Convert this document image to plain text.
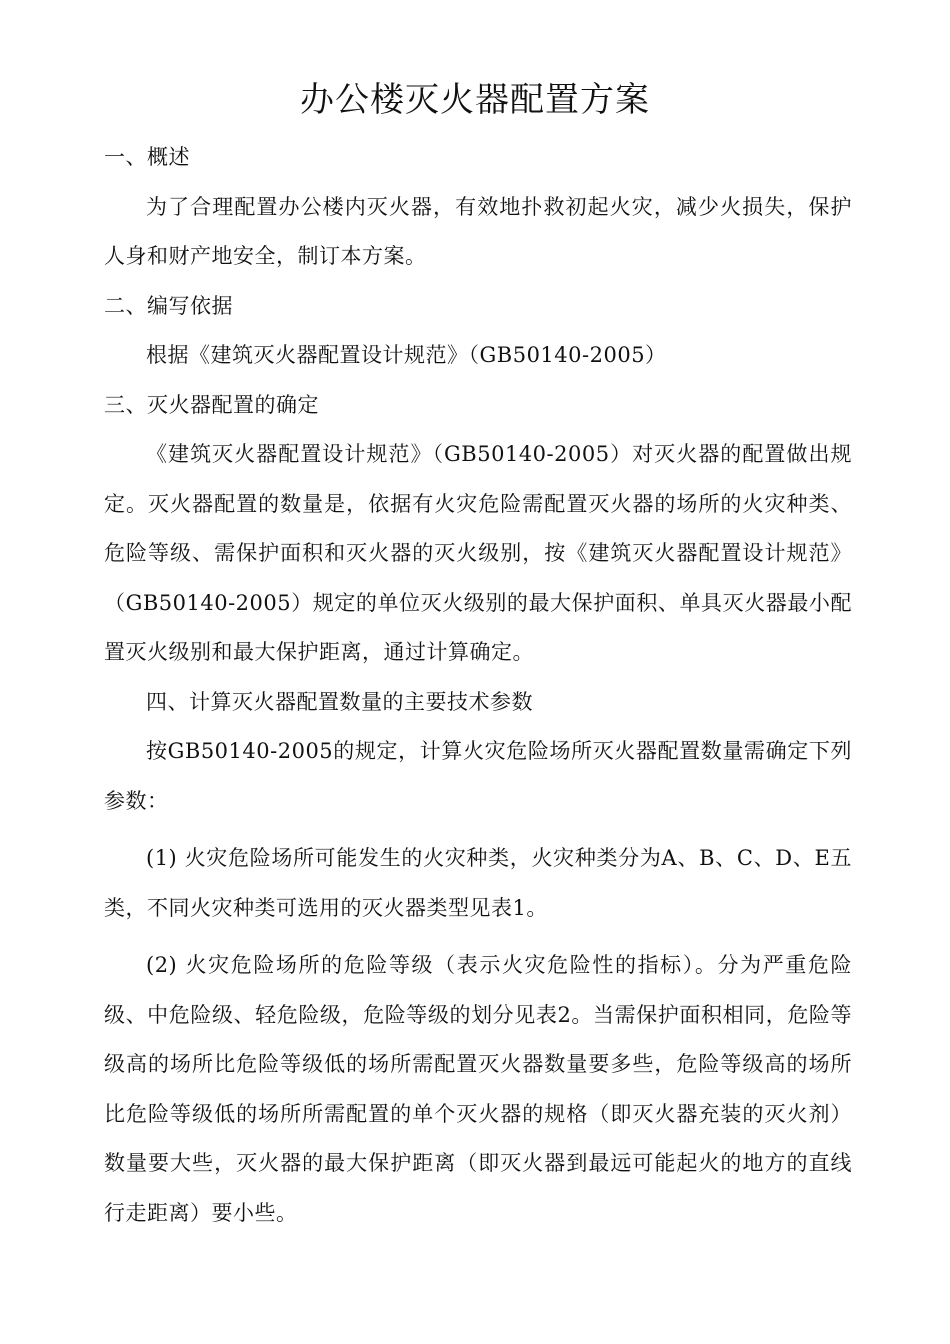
办公楼灭火器配置方案

一、概述

为了合理配置办公楼内灭火器，有效地扑救初起火灾，减少火损失，保护人身和财产地安全，制订本方案。

二、编写依据

根据《建筑灭火器配置设计规范》（GB50140-2005）

三、灭火器配置的确定

《建筑灭火器配置设计规范》（GB50140-2005）对灭火器的配置做出规定。灭火器配置的数量是，依据有火灾危险需配置灭火器的场所的火灾种类、危险等级、需保护面积和灭火器的灭火级别，按《建筑灭火器配置设计规范》（GB50140-2005）规定的单位灭火级别的最大保护面积、单具灭火器最小配置灭火级别和最大保护距离，通过计算确定。

四、计算灭火器配置数量的主要技术参数

按GB50140-2005的规定，计算火灾危险场所灭火器配置数量需确定下列参数：

(1) 火灾危险场所可能发生的火灾种类，火灾种类分为A、B、C、D、E五类，不同火灾种类可选用的灭火器类型见表1。

(2) 火灾危险场所的危险等级（表示火灾危险性的指标）。分为严重危险级、中危险级、轻危险级，危险等级的划分见表2。当需保护面积相同，危险等级高的场所比危险等级低的场所需配置灭火器数量要多些，危险等级高的场所比危险等级低的场所所需配置的单个灭火器的规格（即灭火器充装的灭火剂）数量要大些，灭火器的最大保护距离（即灭火器到最远可能起火的地方的直线行走距离）要小些。
